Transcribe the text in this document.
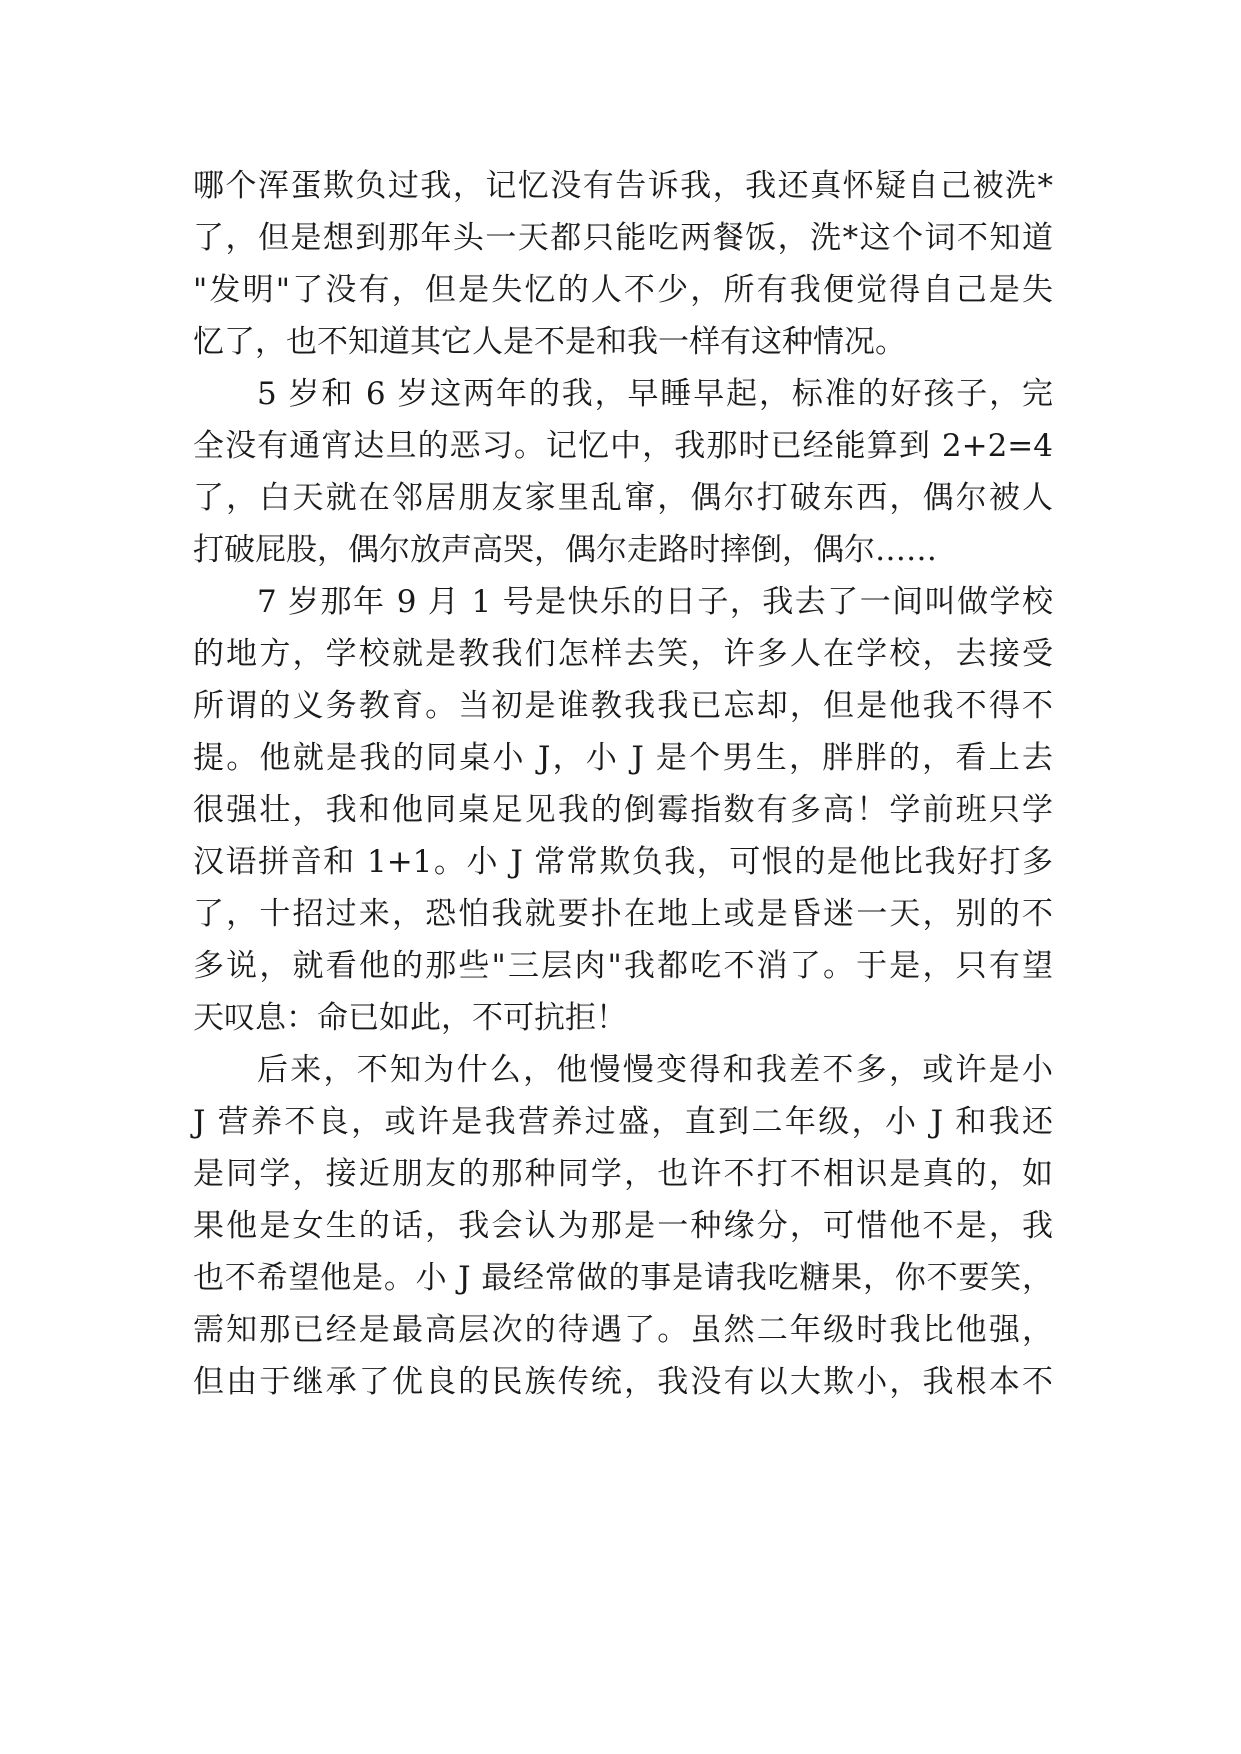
哪个浑蛋欺负过我，记忆没有告诉我，我还真怀疑自己被洗*
了，但是想到那年头一天都只能吃两餐饭，洗*这个词不知道
"发明"了没有，但是失忆的人不少，所有我便觉得自己是失
忆了，也不知道其它人是不是和我一样有这种情况。
5 岁和 6 岁这两年的我，早睡早起，标准的好孩子，完
全没有通宵达旦的恶习。记忆中，我那时已经能算到 2+2=4
了，白天就在邻居朋友家里乱窜，偶尔打破东西，偶尔被人
打破屁股，偶尔放声高哭，偶尔走路时摔倒，偶尔……
7 岁那年 9 月 1 号是快乐的日子，我去了一间叫做学校
的地方，学校就是教我们怎样去笑，许多人在学校，去接受
所谓的义务教育。当初是谁教我我已忘却，但是他我不得不
提。他就是我的同桌小 J，小 J 是个男生，胖胖的，看上去
很强壮，我和他同桌足见我的倒霉指数有多高！学前班只学
汉语拼音和 1+1。小 J 常常欺负我，可恨的是他比我好打多
了，十招过来，恐怕我就要扑在地上或是昏迷一天，别的不
多说，就看他的那些"三层肉"我都吃不消了。于是，只有望
天叹息：命已如此，不可抗拒！
后来，不知为什么，他慢慢变得和我差不多，或许是小
J 营养不良，或许是我营养过盛，直到二年级，小 J 和我还
是同学，接近朋友的那种同学，也许不打不相识是真的，如
果他是女生的话，我会认为那是一种缘分，可惜他不是，我
也不希望他是。小 J 最经常做的事是请我吃糖果，你不要笑，
需知那已经是最高层次的待遇了。虽然二年级时我比他强，
但由于继承了优良的民族传统，我没有以大欺小，我根本不
